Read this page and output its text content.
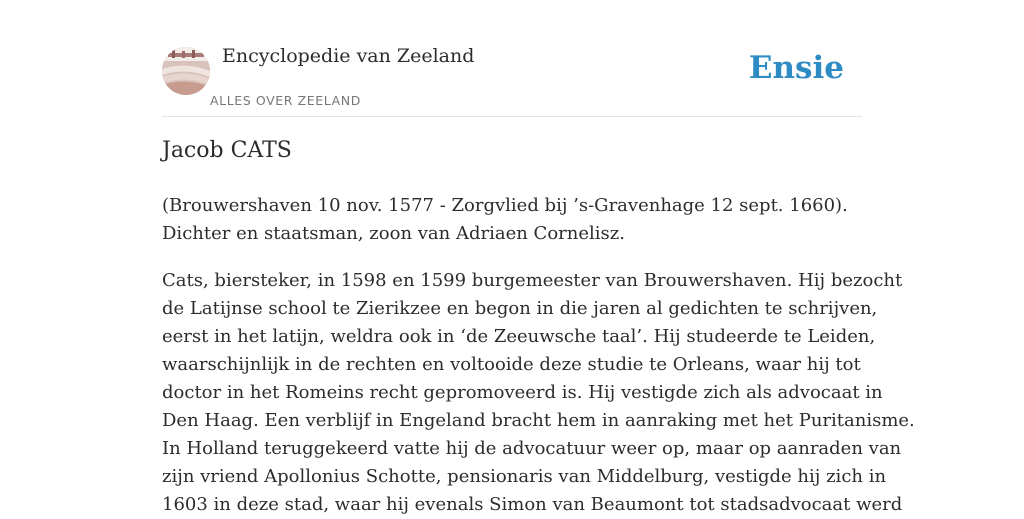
Encyclopedie van Zeeland
ALLES OVER ZEELAND
Ensie
Jacob CATS
(Brouwershaven 10 nov. 1577 - Zorgvlied bij ’s-Gravenhage 12 sept. 1660).
Dichter en staatsman, zoon van Adriaen Cornelisz.
Cats, biersteker, in 1598 en 1599 burgemeester van Brouwershaven. Hij bezocht
de Latijnse school te Zierikzee en begon in die jaren al gedichten te schrijven,
eerst in het latijn, weldra ook in ‘de Zeeuwsche taal’. Hij studeerde te Leiden,
waarschijnlijk in de rechten en voltooide deze studie te Orleans, waar hij tot
doctor in het Romeins recht gepromoveerd is. Hij vestigde zich als advocaat in
Den Haag. Een verblijf in Engeland bracht hem in aanraking met het Puritanisme.
In Holland teruggekeerd vatte hij de advocatuur weer op, maar op aanraden van
zijn vriend Apollonius Schotte, pensionaris van Middelburg, vestigde hij zich in
1603 in deze stad, waar hij evenals Simon van Beaumont tot stadsadvocaat werd
